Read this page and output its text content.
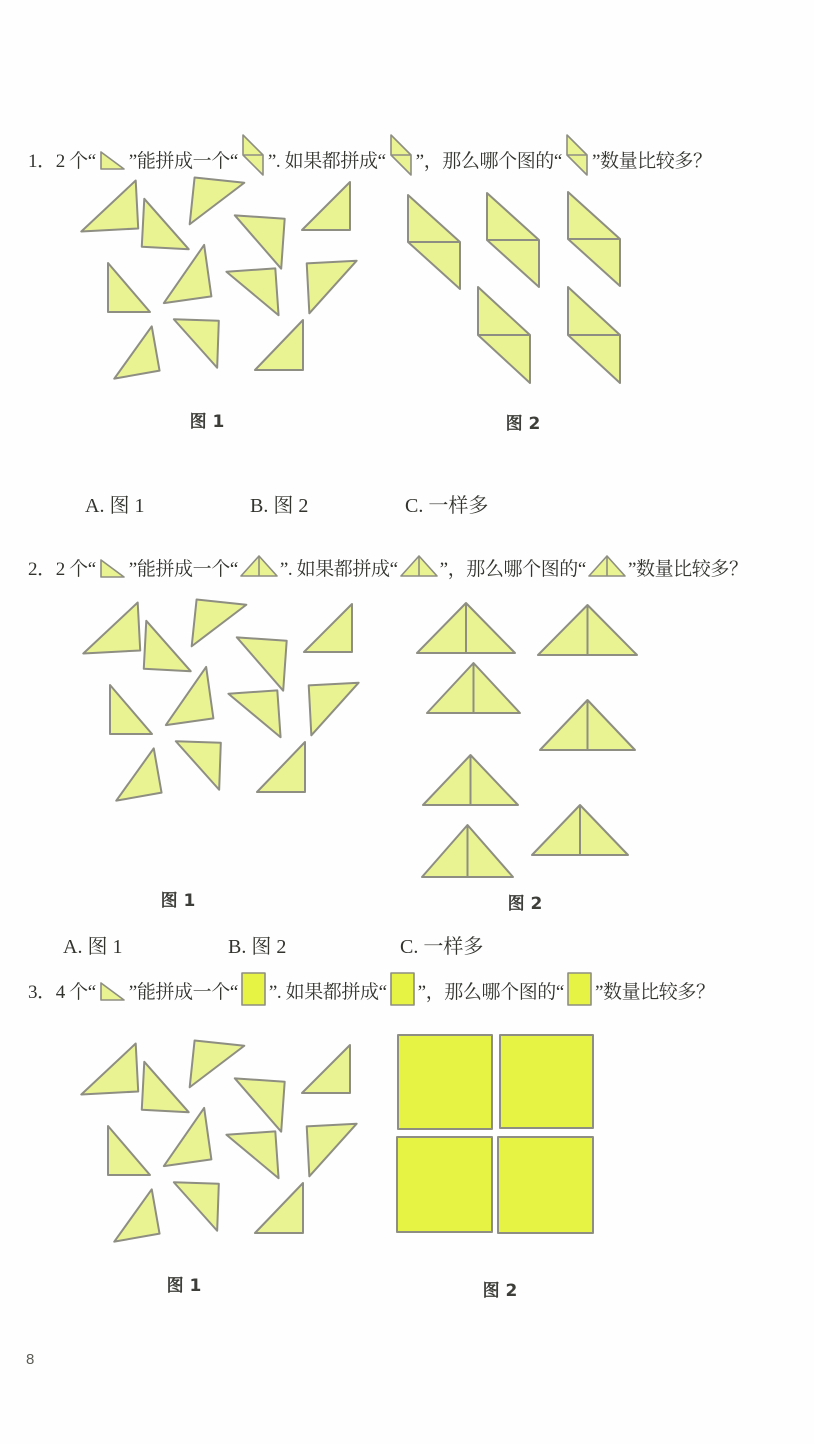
1．2 个“ ”能拼成一个“ ”. 如果都拼成“ ”，那么哪个图的“ ”数量比较多？
2．2 个“ ”能拼成一个“ ”. 如果都拼成“ ”，那么哪个图的“ ”数量比较多？
3．4 个“ ”能拼成一个“ ”. 如果都拼成“ ”，那么哪个图的“ ”数量比较多？
A. 图 1	B. 图 2	C. 一样多
A. 图 1	B. 图 2	C. 一样多
图 1	图 2
图 1	图 2
图 1	图 2
8
